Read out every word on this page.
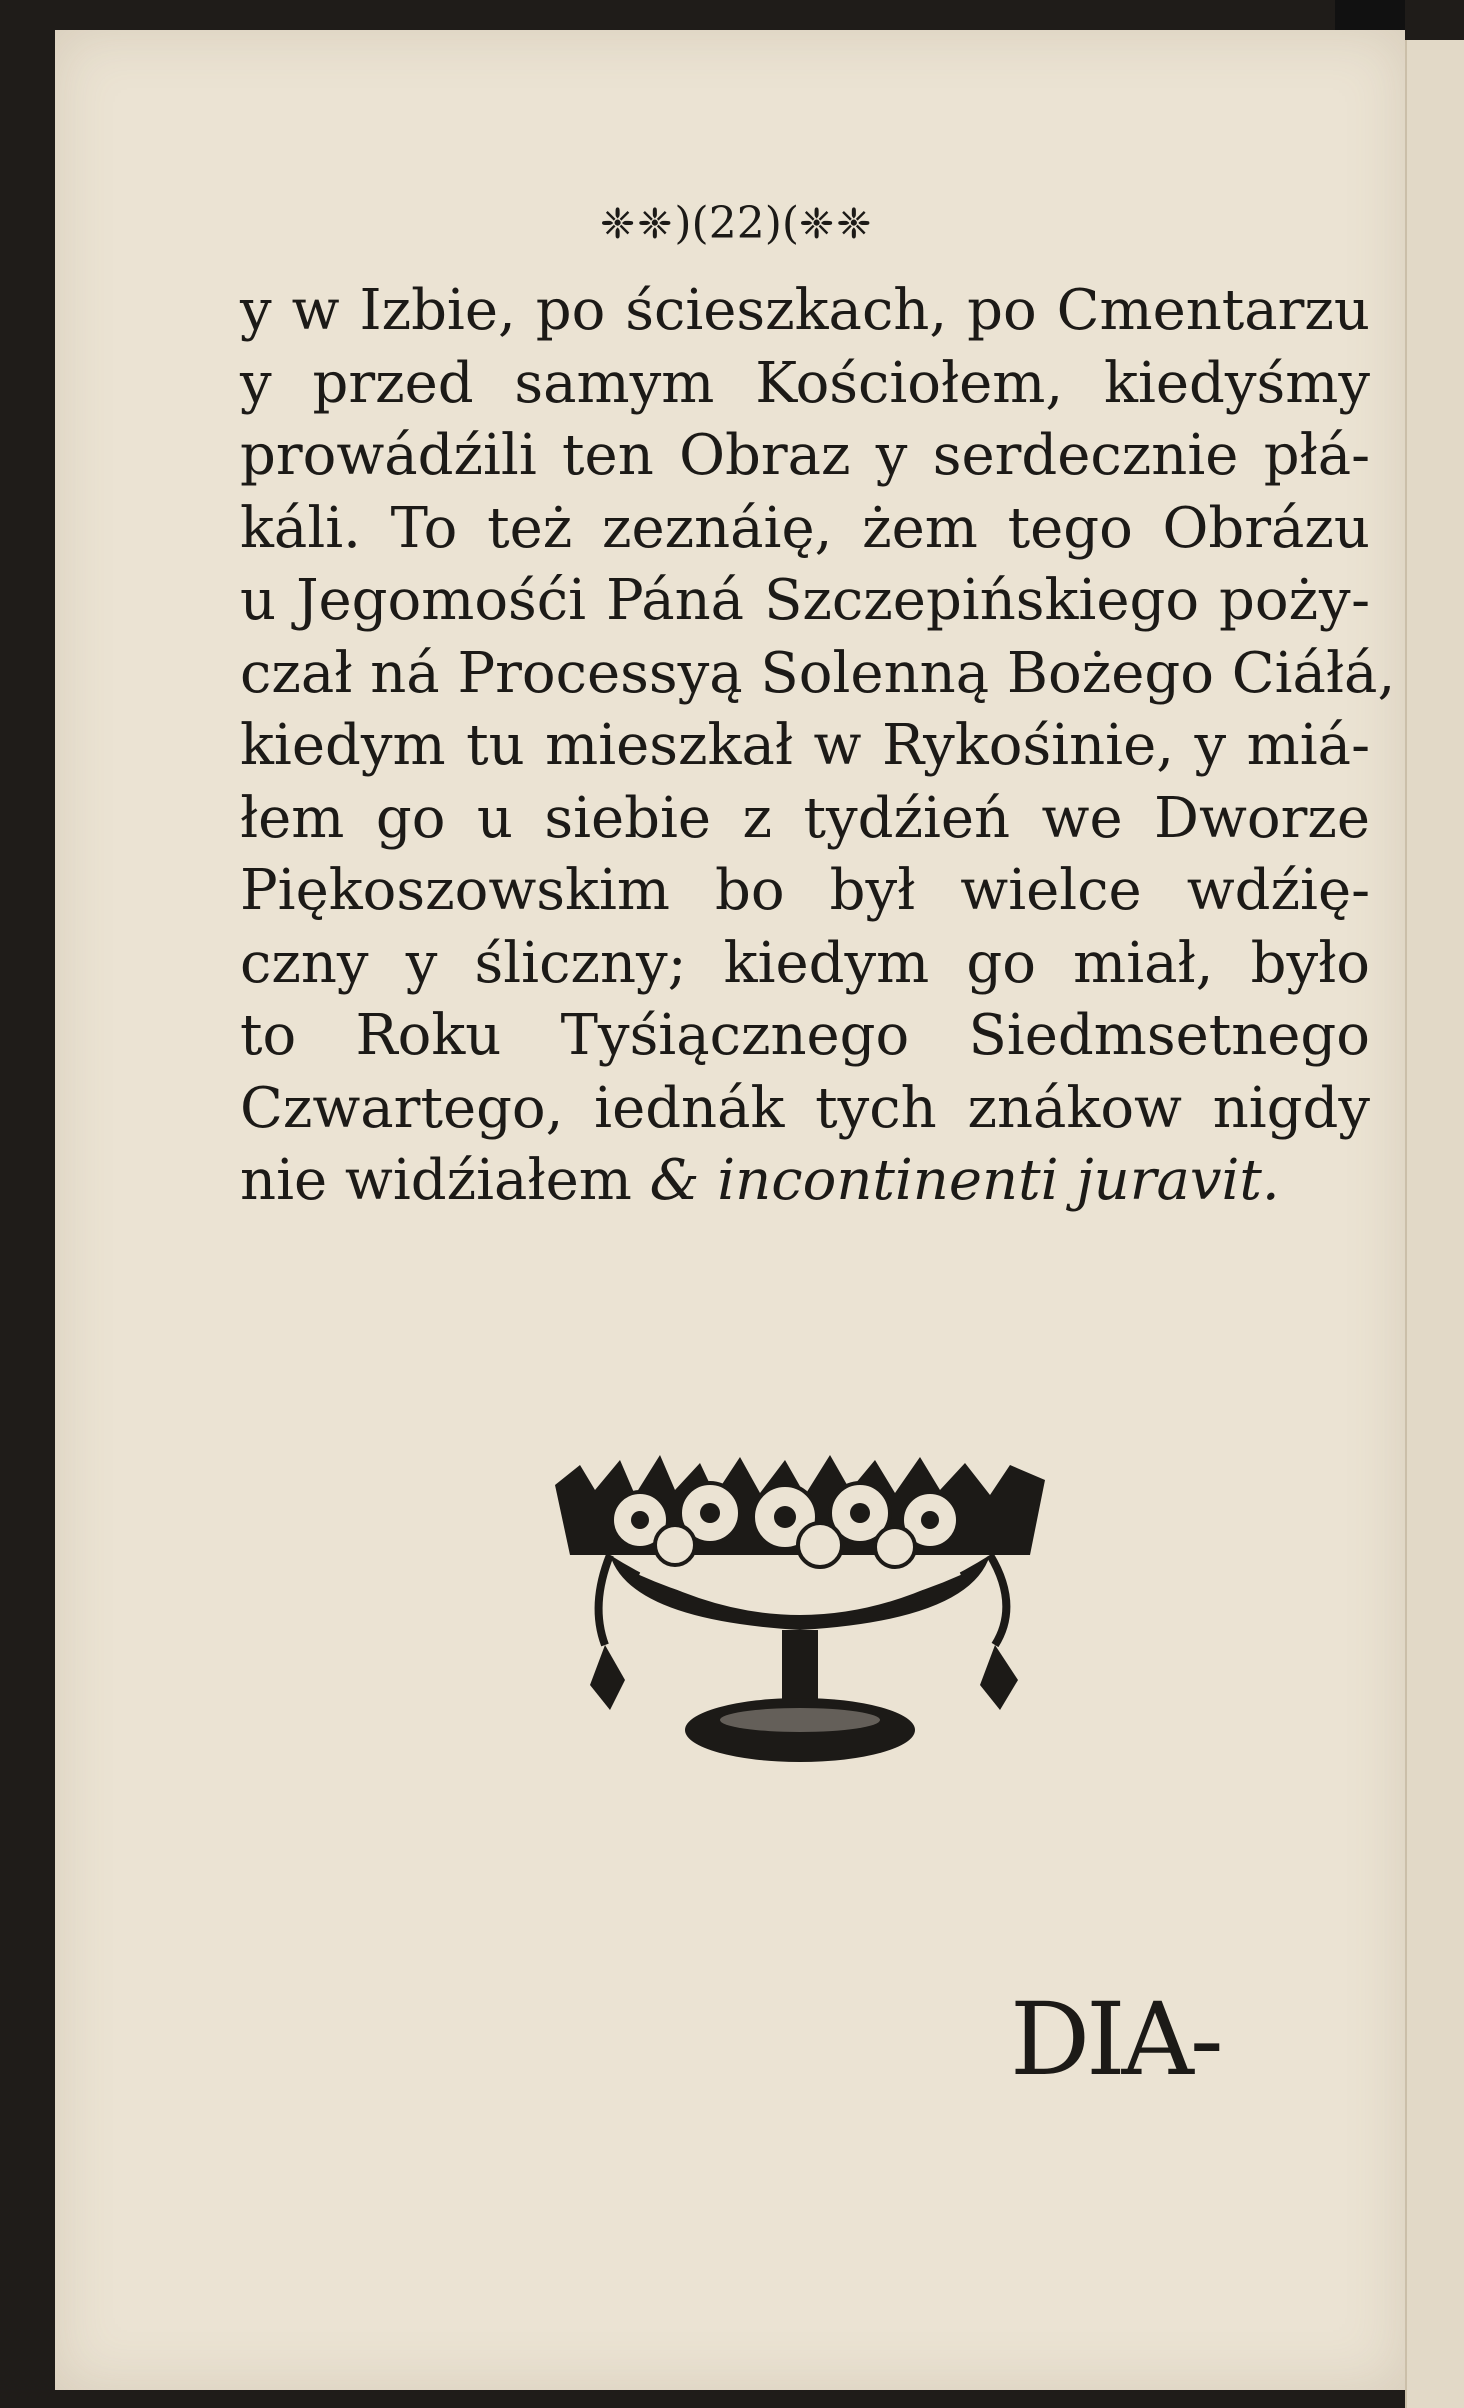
❈❈ )(22)( ❈❈
y w Izbie, po ścieszkach, po Cmentarzu
y przed samym Kościołem, kiedyśmy
prowádźili ten Obraz y serdecznie płá-
káli. To też zeznáię, żem tego Obrázu
u Jegomośći Páná Szczepińskiego pożу-
czał ná Processyą Solenną Bożego Ciáłá,
kiedym tu mieszkał w Rykośinie, y miá-
łem go u siebie z tydźień we Dworze
Piękoszowskim bo był wielce wdźię-
czny y śliczny; kiedym go miał, było
to Roku Tyśiącznego Siedmsetnego
Czwartego, iednák tych znákow nigdy
nie widźiałem & incontinenti juravit.
DIA-
